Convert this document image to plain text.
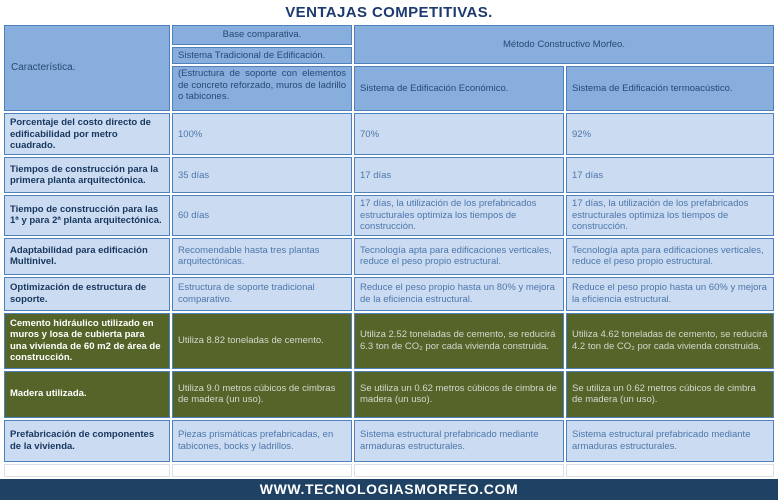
VENTAJAS COMPETITIVAS.
Característica.	Base comparativa.	Método Constructivo Morfeo.	
	Sistema Tradicional de Edificación.		
	(Estructura de soporte con elementos de concreto reforzado, muros de ladrillo o tabicones.	Sistema de Edificación Económico.	Sistema de Edificación termoacústico.
Porcentaje del costo directo de edificabilidad por metro cuadrado.	100%	70%	92%
Tiempos de construcción para la primera planta arquitectónica.	35 días	17 días	17 días
Tiempo de construcción para las 1ª y para 2ª planta arquitectónica.	60 días	17 días, la utilización de los prefabricados estructurales optimiza los tiempos de construcción.	17 días, la utilización de los prefabricados estructurales optimiza los tiempos de construcción.
Adaptabilidad para edificación Multinivel.	Recomendable hasta tres plantas arquitectónicas.	Tecnología apta para edificaciones verticales, reduce el peso propio estructural.	Tecnología apta para edificaciones verticales, reduce el peso propio estructural.
Optimización de estructura de soporte.	Estructura de soporte tradicional comparativo.	Reduce el peso propio hasta un 80% y mejora de la eficiencia estructural.	Reduce el peso propio hasta un 60% y mejora la eficiencia estructural.
Cemento hidráulico utilizado en muros y losa de cubierta para una vivienda de 60 m2 de área de construcción.	Utiliza 8.82 toneladas de cemento.	Utiliza 2.52 toneladas de cemento, se reducirá 6.3 ton de CO₂ por cada vivienda construida.	Utiliza 4.62 toneladas de cemento, se reducirá 4.2 ton de CO₂ por cada vivienda construida.
Madera utilizada.	Utiliza 9.0 metros cúbicos de cimbras de madera (un uso).	Se utiliza un 0.62 metros cúbicos de cimbra de madera (un uso).	Se utiliza un 0.62 metros cúbicos de cimbra de madera (un uso).
Prefabricación de componentes de la vivienda.	Piezas prismáticas prefabricadas, en tabicones, bocks y ladrillos.	Sistema estructural prefabricado mediante armaduras estructurales.	Sistema estructural prefabricado mediante armaduras estructurales.

WWW.TECNOLOGIASMORFEO.COM
